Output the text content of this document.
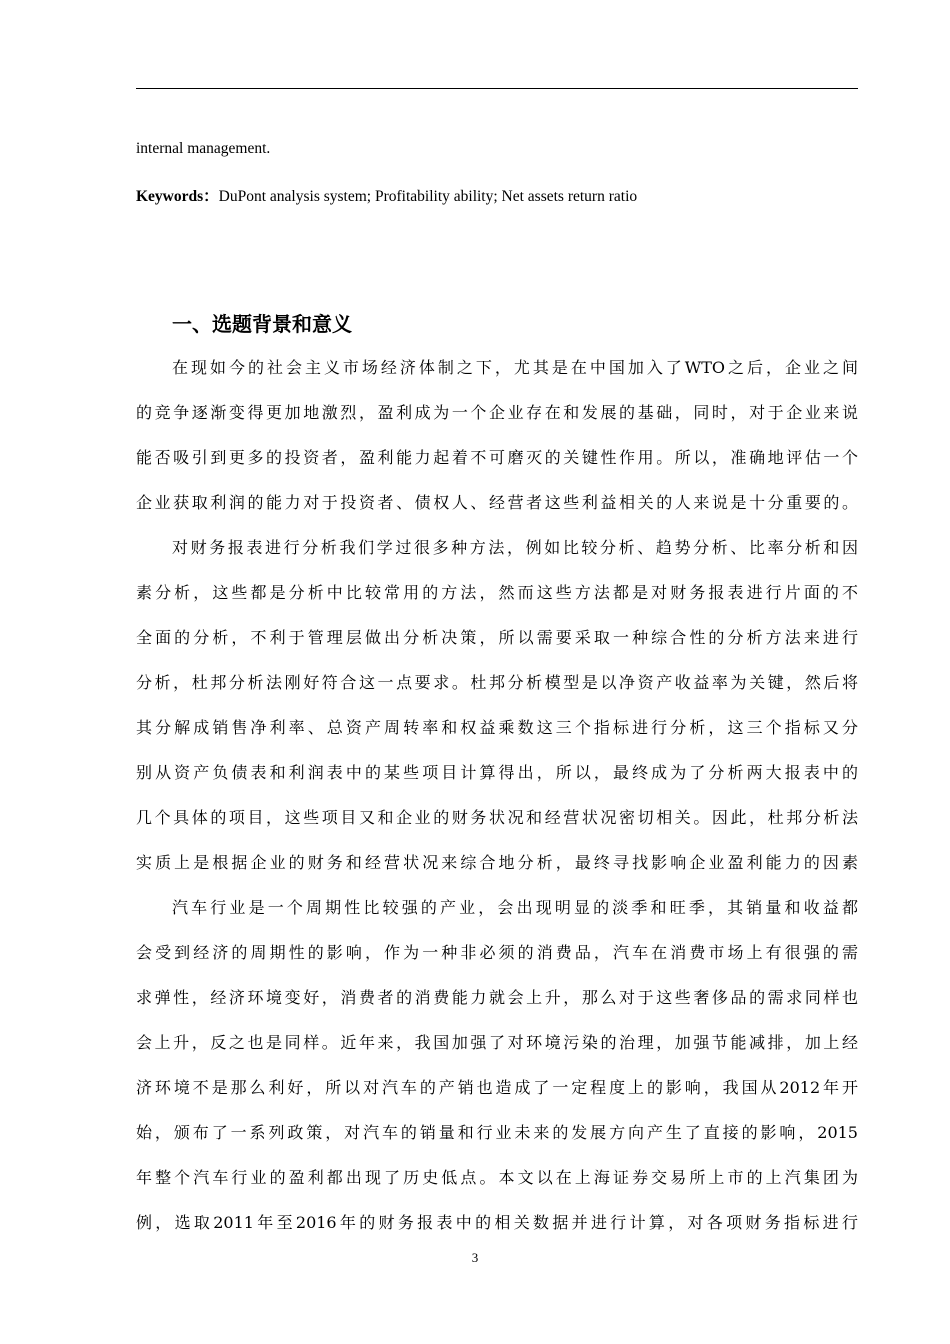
internal management.
Keywords：DuPont analysis system; Profitability ability; Net assets return ratio
一、选题背景和意义
在现如今的社会主义市场经济体制之下，尤其是在中国加入了WTO之后，企业之间
的竞争逐渐变得更加地激烈，盈利成为一个企业存在和发展的基础，同时，对于企业来说
能否吸引到更多的投资者，盈利能力起着不可磨灭的关键性作用。所以，准确地评估一个
企业获取利润的能力对于投资者、债权人、经营者这些利益相关的人来说是十分重要的。
对财务报表进行分析我们学过很多种方法，例如比较分析、趋势分析、比率分析和因
素分析，这些都是分析中比较常用的方法，然而这些方法都是对财务报表进行片面的不
全面的分析，不利于管理层做出分析决策，所以需要采取一种综合性的分析方法来进行
分析，杜邦分析法刚好符合这一点要求。杜邦分析模型是以净资产收益率为关键，然后将
其分解成销售净利率、总资产周转率和权益乘数这三个指标进行分析，这三个指标又分
别从资产负债表和利润表中的某些项目计算得出，所以，最终成为了分析两大报表中的
几个具体的项目，这些项目又和企业的财务状况和经营状况密切相关。因此，杜邦分析法
实质上是根据企业的财务和经营状况来综合地分析，最终寻找影响企业盈利能力的因素
汽车行业是一个周期性比较强的产业，会出现明显的淡季和旺季，其销量和收益都
会受到经济的周期性的影响，作为一种非必须的消费品，汽车在消费市场上有很强的需
求弹性，经济环境变好，消费者的消费能力就会上升，那么对于这些奢侈品的需求同样也
会上升，反之也是同样。近年来，我国加强了对环境污染的治理，加强节能减排，加上经
济环境不是那么利好，所以对汽车的产销也造成了一定程度上的影响，我国从2012年开
始，颁布了一系列政策，对汽车的销量和行业未来的发展方向产生了直接的影响，2015
年整个汽车行业的盈利都出现了历史低点。本文以在上海证券交易所上市的上汽集团为
例，选取2011年至2016年的财务报表中的相关数据并进行计算，对各项财务指标进行
3
